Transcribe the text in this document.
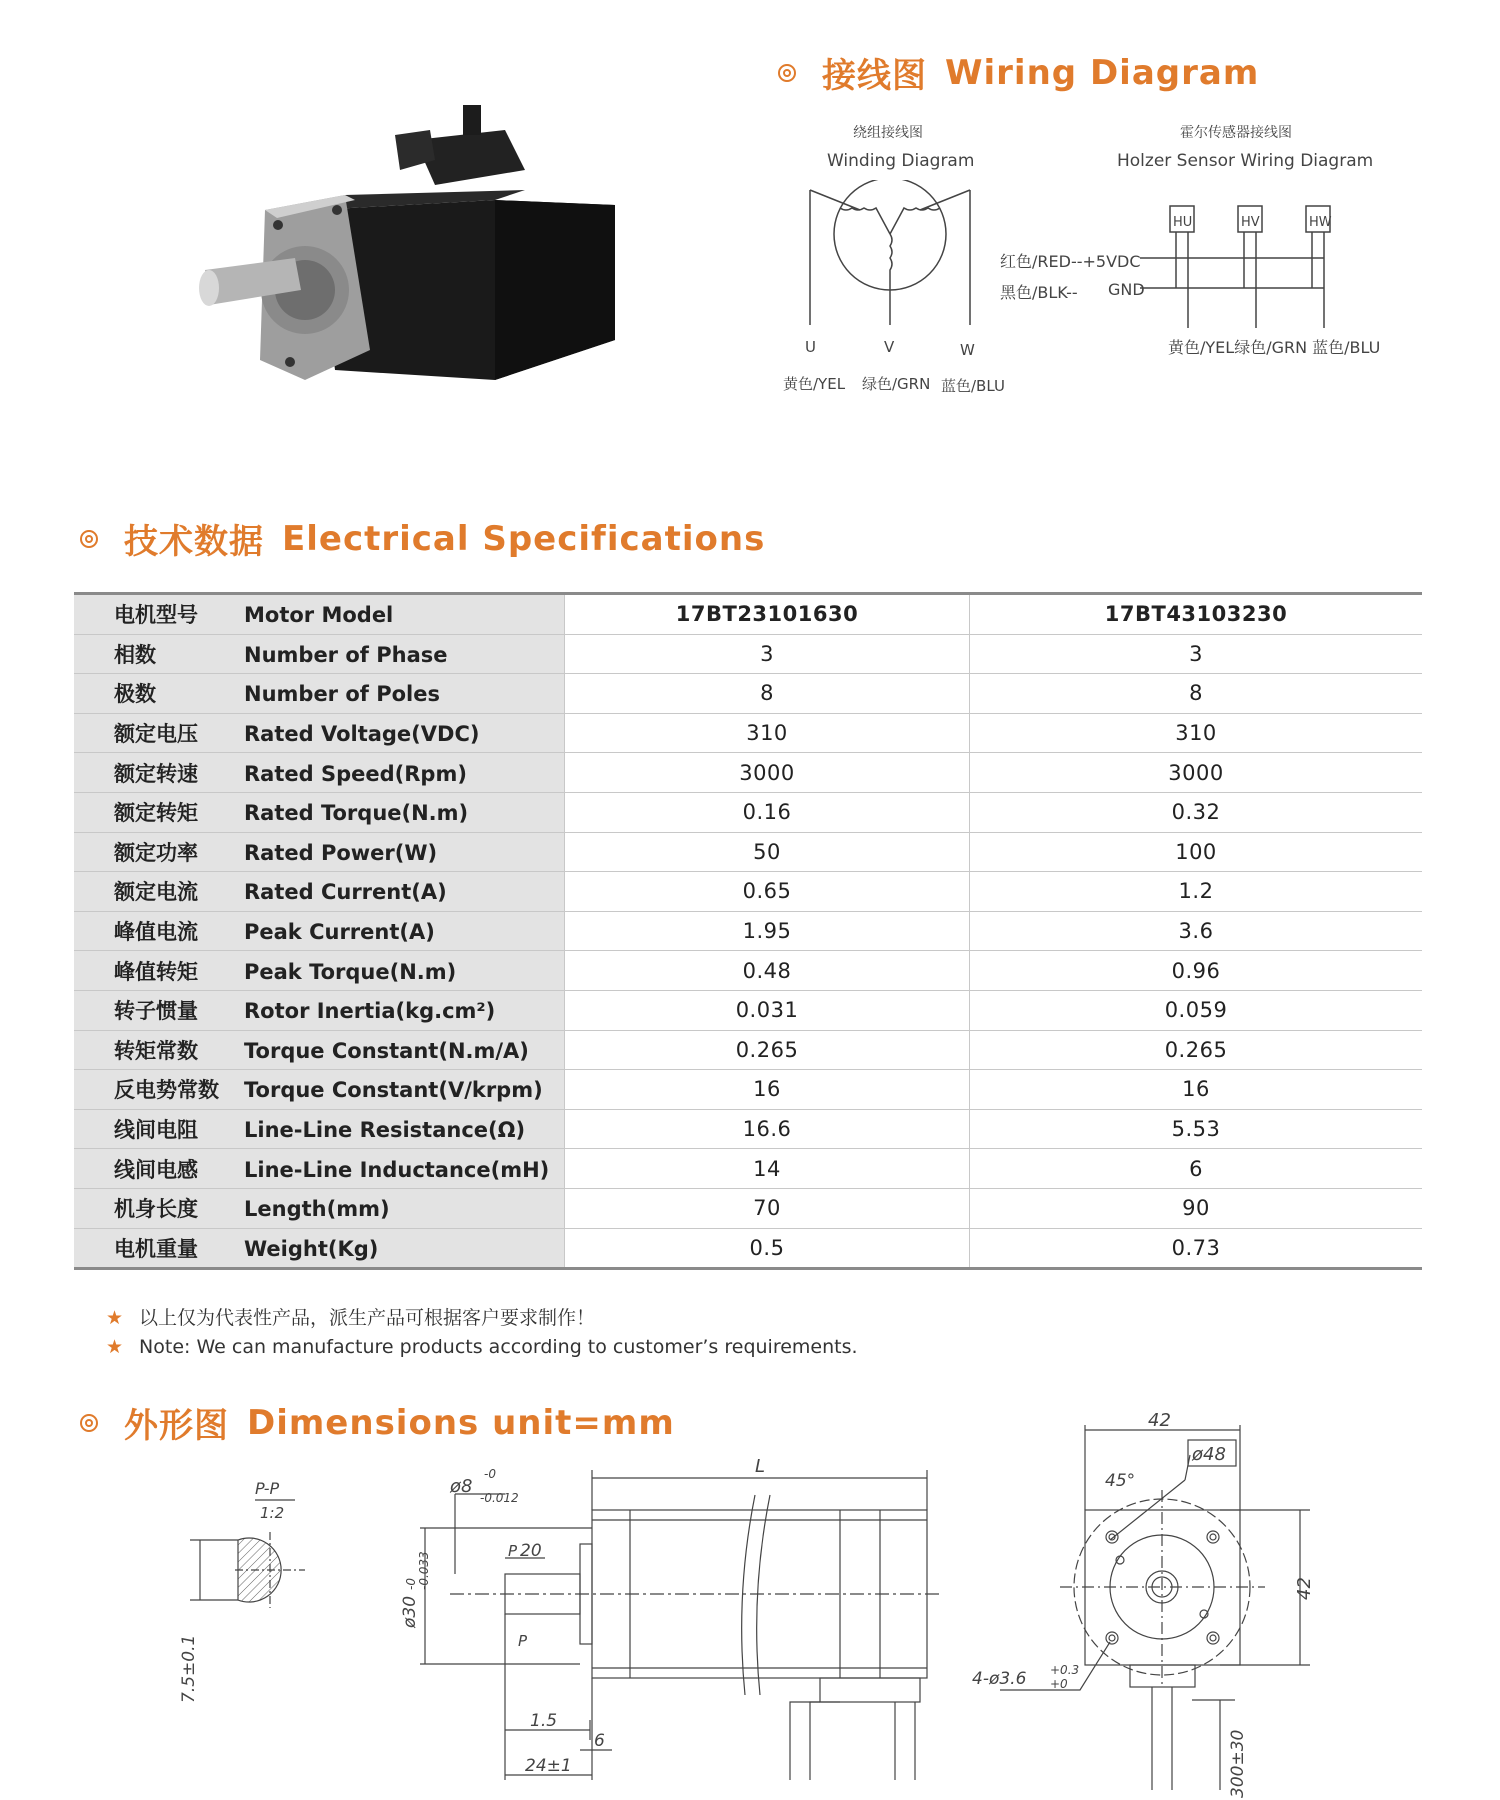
接线图 Wiring Diagram
绕组接线图
Winding Diagram
U	V	W
黄色/YEL 绿色/GRN 蓝色/BLU
霍尔传感器接线图
Holzer Sensor Wiring Diagram
HU	HV	HW
红色/RED--+5VDC
黑色/BLK-- GND
黄色/YEL绿色/GRN 蓝色/BLU
技术数据 Electrical Specifications
电机型号 Motor Model	17BT23101630	17BT43103230
相数 Number of Phase	3	3
极数 Number of Poles	8	8
额定电压 Rated Voltage(VDC)	310	310
额定转速 Rated Speed(Rpm)	3000	3000
额定转矩 Rated Torque(N.m)	0.16	0.32
额定功率 Rated Power(W)	50	100
额定电流 Rated Current(A)	0.65	1.2
峰值电流 Peak Current(A)	1.95	3.6
峰值转矩 Peak Torque(N.m)	0.48	0.96
转子惯量 Rotor Inertia(kg.cm²)	0.031	0.059
转矩常数 Torque Constant(N.m/A)	0.265	0.265
反电势常数 Torque Constant(V/krpm)	16	16
线间电阻 Line-Line Resistance(Ω)	16.6	5.53
线间电感 Line-Line Inductance(mH)	14	6
机身长度 Length(mm)	70	90
电机重量 Weight(Kg)	0.5	0.73
★ 以上仅为代表性产品，派生产品可根据客户要求制作！
★ Note: We can manufacture products according to customer’s requirements.
外形图 Dimensions unit=mm
P-P
1:2
7.5±0.1
L
ø8
-0
-0.012
P 20
P
ø30
-0 -0.033
1.5
6
24±1
42
ø48
45°
42
4-ø3.6 +0.3
+0
300±30
